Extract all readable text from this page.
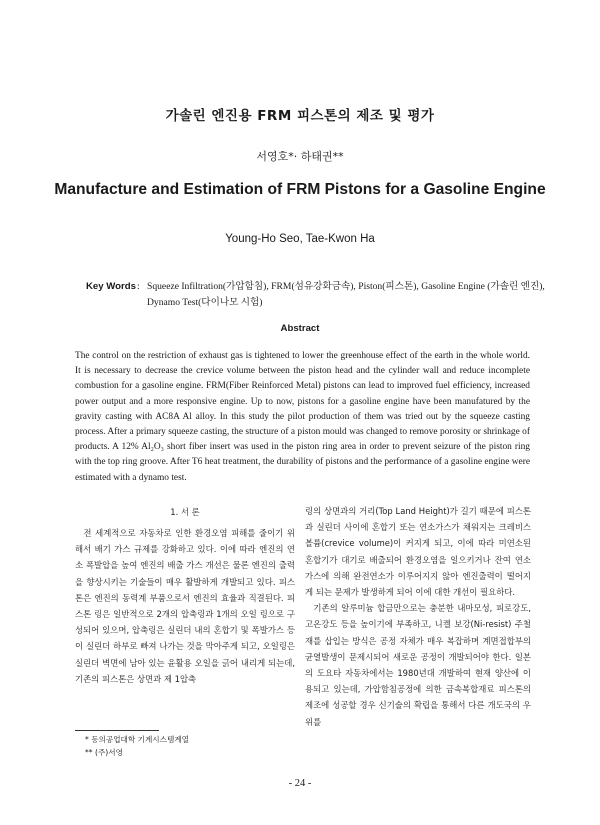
가솔린 엔진용 FRM 피스톤의 제조 및 평가
서영호*· 하태권**
Manufacture and Estimation of FRM Pistons for a Gasoline Engine
Young-Ho Seo, Tae-Kwon Ha
Key Words : Squeeze Infiltration(가압함침), FRM(섬유강화금속), Piston(피스톤), Gasoline Engine (가솔린 엔진), Dynamo Test(다이나모 시험)
Abstract

The control on the restriction of exhaust gas is tightened to lower the greenhouse effect of the earth in the whole world. It is necessary to decrease the crevice volume between the piston head and the cylinder wall and reduce incomplete combustion for a gasoline engine. FRM(Fiber Reinforced Metal) pistons can lead to improved fuel efficiency, increased power output and a more responsive engine. Up to now, pistons for a gasoline engine have been manufatured by the gravity casting with AC8A Al alloy. In this study the pilot production of them was tried out by the squeeze casting process. After a primary squeeze casting, the structure of a piston mould was changed to remove porosity or shrinkage of products. A 12% Al₂O₃ short fiber insert was used in the piston ring area in order to prevent seizure of the piston ring with the top ring groove. After T6 heat treatment, the durability of pistons and the performance of a gasoline engine were estimated with a dynamo test.

1. 서 론

전 세계적으로 자동차로 인한 환경오염 피해를 줄이기 위해서 배기 가스 규제를 강화하고 있다. 이에 따라 엔진의 연소 폭발압을 높여 엔진의 배출 가스 개선은 물론 엔진의 출력을 향상시키는 기술들이 매우 활발하게 개발되고 있다. 피스톤은 엔진의 동력계 부품으로서 엔진의 효율과 직결된다. 피스톤 링은 일반적으로 2개의 압축링과 1개의 오일 링으로 구성되어 있으며, 압축링은 실린더 내의 혼합기 및 폭발가스 등이 실린더 하부로 빠져 나가는 것을 막아주게 되고, 오일링은 실린더 벽면에 남아 있는 윤활용 오일을 긁어 내리게 되는데, 기존의 피스톤은 상면과 제 1압축

링의 상면과의 거리(Top Land Height)가 길기 때문에 피스톤과 실린더 사이에 혼합기 또는 연소가스가 채워지는 크레비스 볼륨(crevice volume)이 커지게 되고, 이에 따라 미연소된 혼합기가 대기로 배출되어 환경오염을 일으키거나 잔여 연소가스에 의해 완전연소가 이루어지지 않아 엔진출력이 떨어지게 되는 문제가 발생하게 되어 이에 대한 개선이 필요하다.

기존의 알루미늄 합금만으로는 충분한 내마모성, 피로강도, 고온강도 등을 높이기에 부족하고, 니켈 보강(Ni-resist) 주철재를 삽입는 방식은 공정 자체가 매우 복잡하며 계면접합부의 균열발생이 문제시되어 새로운 공정이 개발되어야 한다. 일본의 도요타 자동차에서는 1980년대 개발하여 현재 양산에 이용되고 있는데, 가압함침공정에 의한 금속복합재료 피스톤의 제조에 성공할 경우 신기술의 확립을 통해서 다른 개도국의 우위를

* 동의공업대학 기계시스템계열
** (주)서영
- 24 -
